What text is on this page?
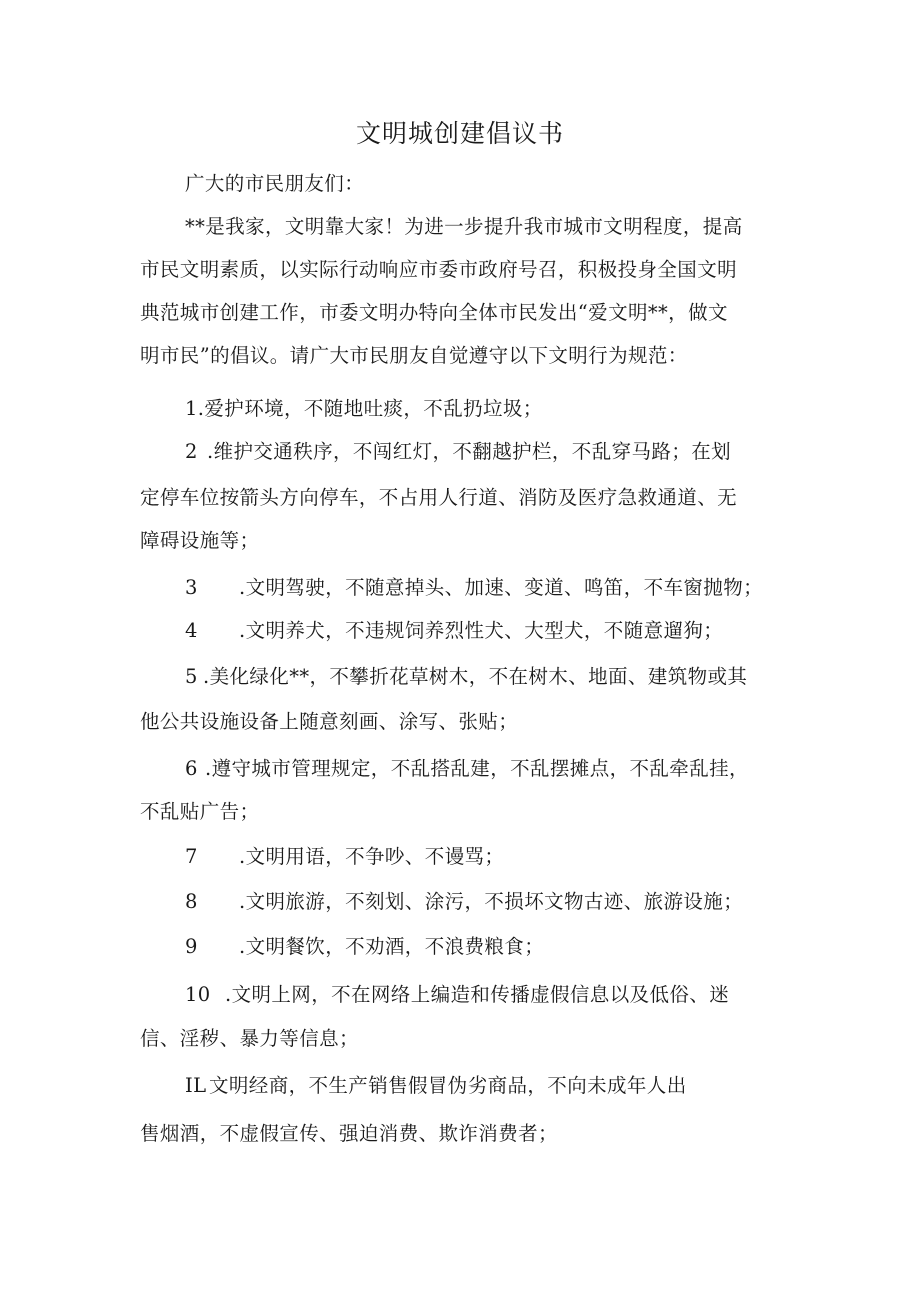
文明城创建倡议书
广大的市民朋友们：
**是我家，文明靠大家！为进一步提升我市城市文明程度，提高
市民文明素质，以实际行动响应市委市政府号召，积极投身全国文明
典范城市创建工作，市委文明办特向全体市民发出“爱文明**，做文
明市民”的倡议。请广大市民朋友自觉遵守以下文明行为规范：
1.爱护环境，不随地吐痰，不乱扔垃圾；
2 .维护交通秩序，不闯红灯，不翻越护栏，不乱穿马路；在划
定停车位按箭头方向停车，不占用人行道、消防及医疗急救通道、无
障碍设施等；
3 .文明驾驶，不随意掉头、加速、变道、鸣笛，不车窗抛物；
4 .文明养犬，不违规饲养烈性犬、大型犬，不随意遛狗；
5 .美化绿化**，不攀折花草树木，不在树木、地面、建筑物或其
他公共设施设备上随意刻画、涂写、张贴；
6 .遵守城市管理规定，不乱搭乱建，不乱摆摊点，不乱牵乱挂，
不乱贴广告；
7 .文明用语，不争吵、不谩骂；
8 .文明旅游，不刻划、涂污，不损坏文物古迹、旅游设施；
9 .文明餐饮，不劝酒，不浪费粮食；
10 .文明上网，不在网络上编造和传播虚假信息以及低俗、迷
信、淫秽、暴力等信息；
IL 文明经商，不生产销售假冒伪劣商品，不向未成年人出
售烟酒，不虚假宣传、强迫消费、欺诈消费者；
